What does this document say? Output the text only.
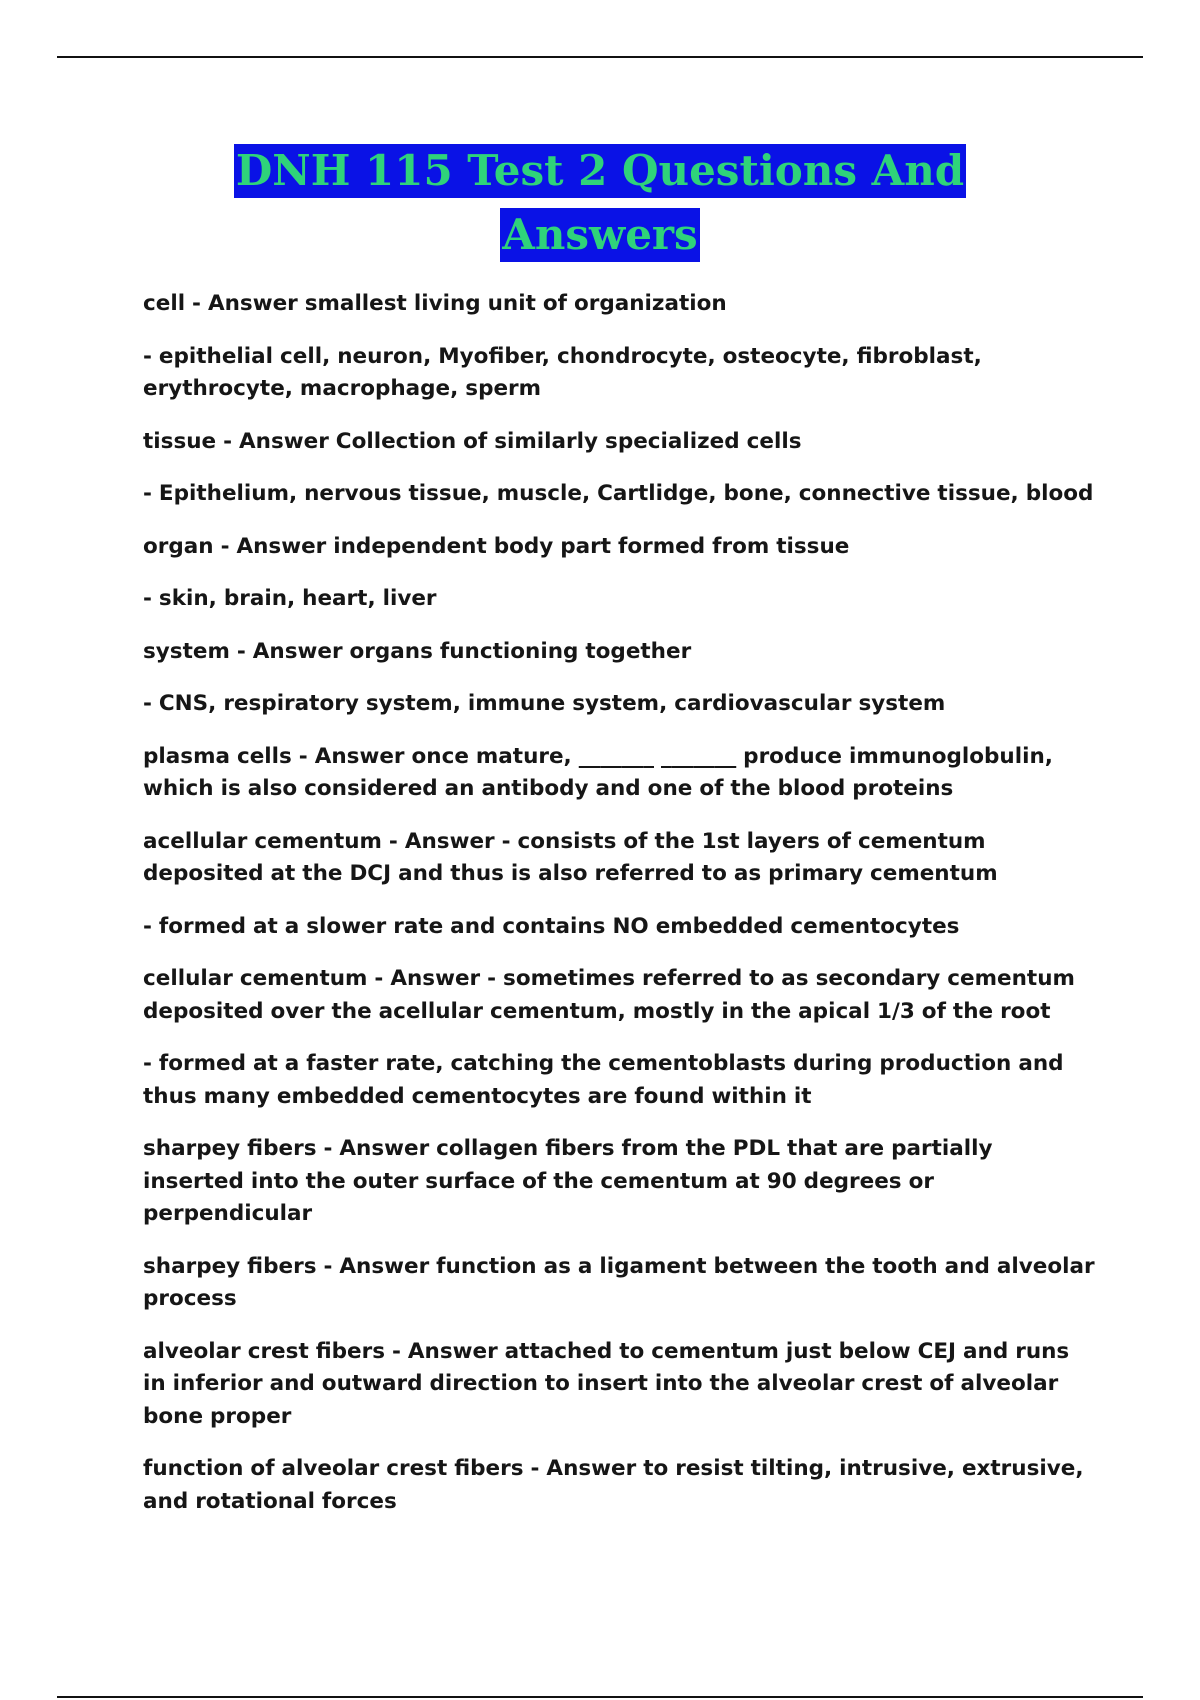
DNH 115 Test 2 Questions And
Answers

cell - Answer smallest living unit of organization

- epithelial cell, neuron, Myofiber, chondrocyte, osteocyte, fibroblast, erythrocyte, macrophage, sperm

tissue - Answer Collection of similarly specialized cells

- Epithelium, nervous tissue, muscle, Cartlidge, bone, connective tissue, blood

organ - Answer independent body part formed from tissue

- skin, brain, heart, liver

system - Answer organs functioning together

- CNS, respiratory system, immune system, cardiovascular system

plasma cells - Answer once mature, _______ _______ produce immunoglobulin, which is also considered an antibody and one of the blood proteins

acellular cementum - Answer - consists of the 1st layers of cementum deposited at the DCJ and thus is also referred to as primary cementum

- formed at a slower rate and contains NO embedded cementocytes

cellular cementum - Answer - sometimes referred to as secondary cementum deposited over the acellular cementum, mostly in the apical 1/3 of the root

- formed at a faster rate, catching the cementoblasts during production and thus many embedded cementocytes are found within it

sharpey fibers - Answer collagen fibers from the PDL that are partially inserted into the outer surface of the cementum at 90 degrees or perpendicular

sharpey fibers - Answer function as a ligament between the tooth and alveolar process

alveolar crest fibers - Answer attached to cementum just below CEJ and runs in inferior and outward direction to insert into the alveolar crest of alveolar bone proper

function of alveolar crest fibers - Answer to resist tilting, intrusive, extrusive, and rotational forces
